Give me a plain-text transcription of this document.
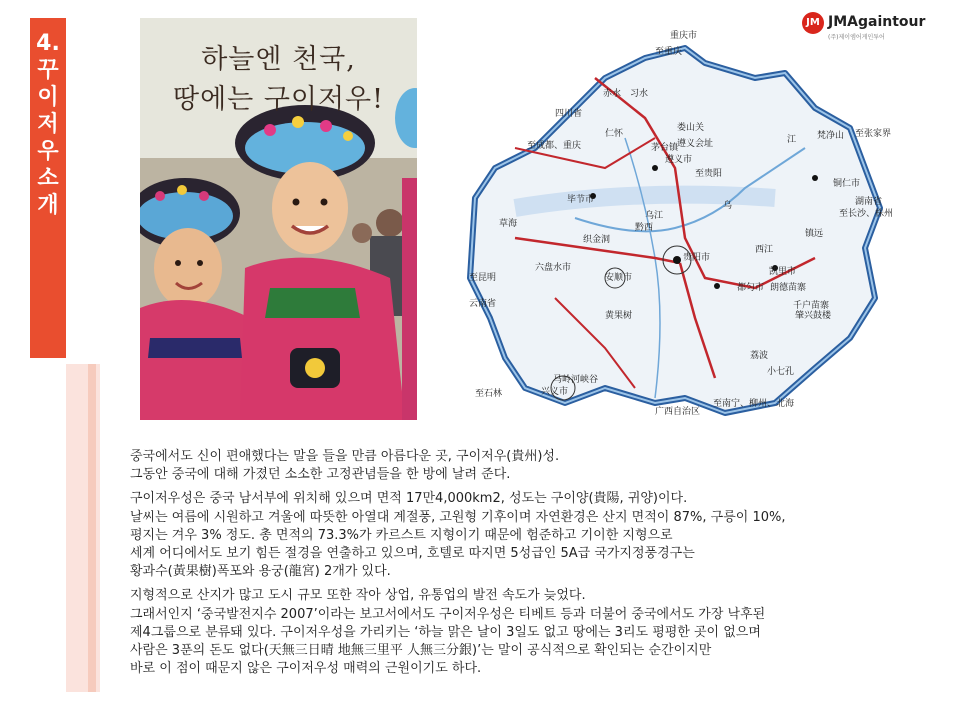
4.꾸이저우소개
JM JMAgaintour
(주)제이엠어게인투어
하늘엔 천국,
땅에는 구이저우!
重庆市
至重庆
四川省
赤水 习水
娄山关
仁怀
遵义会址
遵义市
至成都、重庆	茅台镇
至贵阳
梵净山 至张家界
铜仁市
湖南省
至长沙、株州
毕节市
草海
织金洞
黔西
凯里市
贵阳市
六盘水市
镇远
至昆明
云南省
安顺市
西江
都匀市 朗德苗寨
黄果树
千户苗寨
肇兴鼓楼
荔波
小七孔
至石林	兴义市
马岭河峡谷
广西自治区
至南宁、柳州、北海
乌
江
乌江

중국에서도 신이 편애했다는 말을 들을 만큼 아름다운 곳, 구이저우(貴州)성.

그동안 중국에 대해 가졌던 소소한 고정관념들을 한 방에 날려 준다.

구이저우성은 중국 남서부에 위치해 있으며 면적 17만4,000km2, 성도는 구이양(貴陽, 귀양)이다.

날씨는 여름에 시원하고 겨울에 따뜻한 아열대 계절풍, 고원형 기후이며 자연환경은 산지 면적이 87%, 구릉이 10%,

평지는 겨우 3% 정도. 총 면적의 73.3%가 카르스트 지형이기 때문에 험준하고 기이한 지형으로

세계 어디에서도 보기 힘든 절경을 연출하고 있으며, 호텔로 따지면 5성급인 5A급 국가지정풍경구는

황과수(黃果樹)폭포와 용궁(龍宮) 2개가 있다.

지형적으로 산지가 많고 도시 규모 또한 작아 상업, 유통업의 발전 속도가 늦었다.

그래서인지 ‘중국발전지수 2007’이라는 보고서에서도 구이저우성은 티베트 등과 더불어 중국에서도 가장 낙후된

제4그룹으로 분류돼 있다. 구이저우성을 가리키는 ‘하늘 맑은 날이 3일도 없고 땅에는 3리도 평평한 곳이 없으며

사람은 3푼의 돈도 없다(天無三日晴 地無三里平 人無三分銀)’는 말이 공식적으로 확인되는 순간이지만

바로 이 점이 때문지 않은 구이저우성 매력의 근원이기도 하다.
